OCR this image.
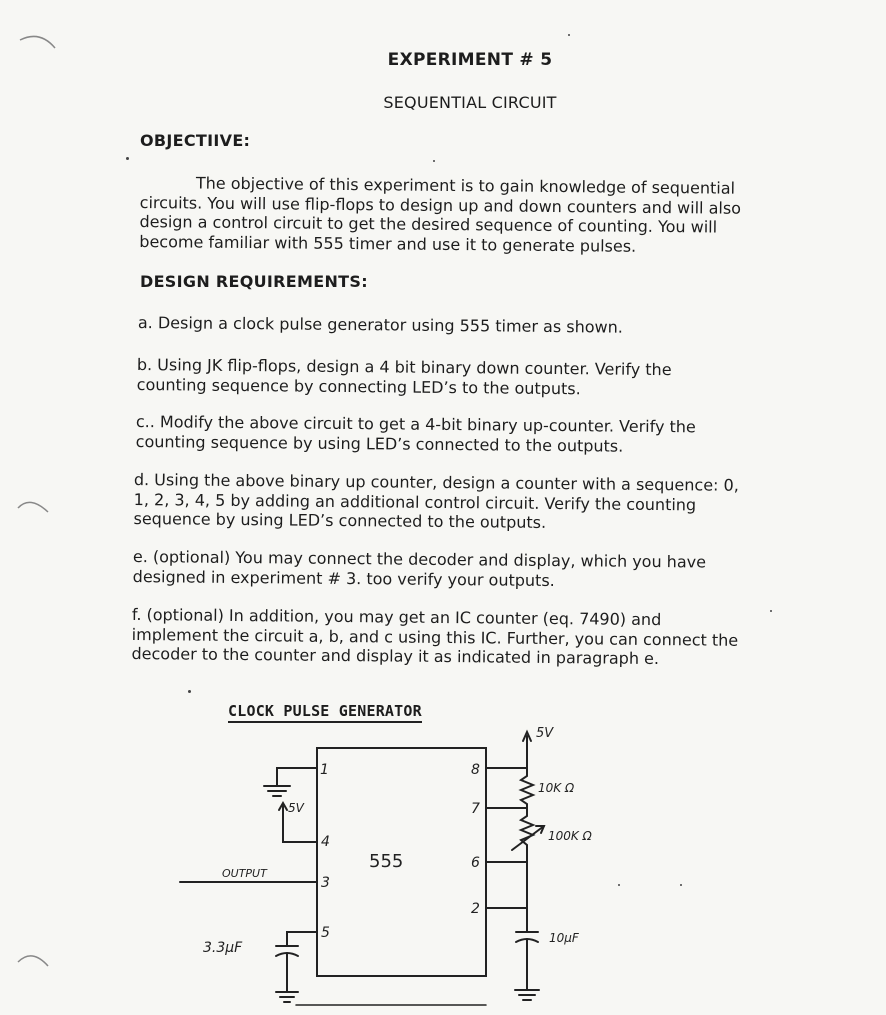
EXPERIMENT # 5
SEQUENTIAL CIRCUIT
OBJECTIIVE:
The objective of this experiment is to gain knowledge of sequential
circuits. You will use flip-flops to design up and down counters and will also
design a control circuit to get the desired sequence of counting. You will
become familiar with 555 timer and use it to generate pulses.
DESIGN REQUIREMENTS:
a. Design a clock pulse generator using 555 timer as shown.
b. Using JK flip-flops, design a 4 bit binary down counter. Verify the
counting sequence by connecting LED’s to the outputs.
c.. Modify the above circuit to get a 4-bit binary up-counter. Verify the
counting sequence by using LED’s connected to the outputs.
d. Using the above binary up counter, design a counter with a sequence: 0,
1, 2, 3, 4, 5 by adding an additional control circuit. Verify the counting
sequence by using LED’s connected to the outputs.
e. (optional) You may connect the decoder and display, which you have
designed in experiment # 3. too verify your outputs.
f. (optional) In addition, you may get an IC counter (eq. 7490) and
implement the circuit a, b, and c using this IC. Further, you can connect the
decoder to the counter and display it as indicated in paragraph e.
CLOCK PULSE GENERATOR
555
1
4
3
5
8
7
6
2
5V
5V
10K Ω
100K Ω
10µF
3.3µF
OUTPUT
